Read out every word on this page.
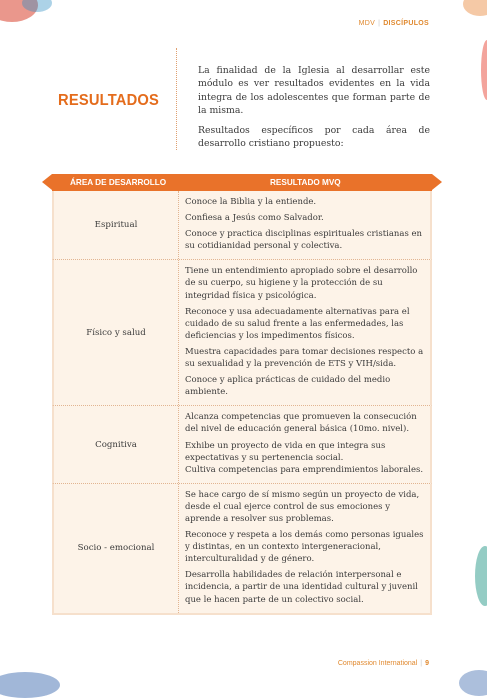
MDV | DISCÍPULOS
RESULTADOS

La finalidad de la Iglesia al desarrollar este módulo es ver resultados evidentes en la vida integra de los adolescentes que forman parte de la misma.

Resultados específicos por cada área de desarrollo cristiano propuesto:

ÁREA DE DESARROLLO	RESULTADO MVQ
Espiritual

Conoce la Biblia y la entiende.

Confiesa a Jesús como Salvador.

Conoce y practica disciplinas espirituales cristianas en su cotidianidad personal y colectiva.

Físico y salud

Tiene un entendimiento apropiado sobre el desarrollo de su cuerpo, su higiene y la protección de su integridad física y psicológica.

Reconoce y usa adecuadamente alternativas para el cuidado de su salud frente a las enfermedades, las deficiencias y los impedimentos físicos.

Muestra capacidades para tomar decisiones respecto a su sexualidad y la prevención de ETS y VIH/sida.

Conoce y aplica prácticas de cuidado del medio ambiente.

Cognitiva

Alcanza competencias que promueven la consecución del nivel de educación general básica (10mo. nivel).

Exhibe un proyecto de vida en que integra sus expectativas y su pertenencia social.

Cultiva competencias para emprendimientos laborales.

Socio - emocional

Se hace cargo de sí mismo según un proyecto de vida, desde el cual ejerce control de sus emociones y aprende a resolver sus problemas.

Reconoce y respeta a los demás como personas iguales y distintas, en un contexto intergeneracional, interculturalidad y de género.

Desarrolla habilidades de relación interpersonal e incidencia, a partir de una identidad cultural y juvenil que le hacen parte de un colectivo social.

Compassion International | 9
